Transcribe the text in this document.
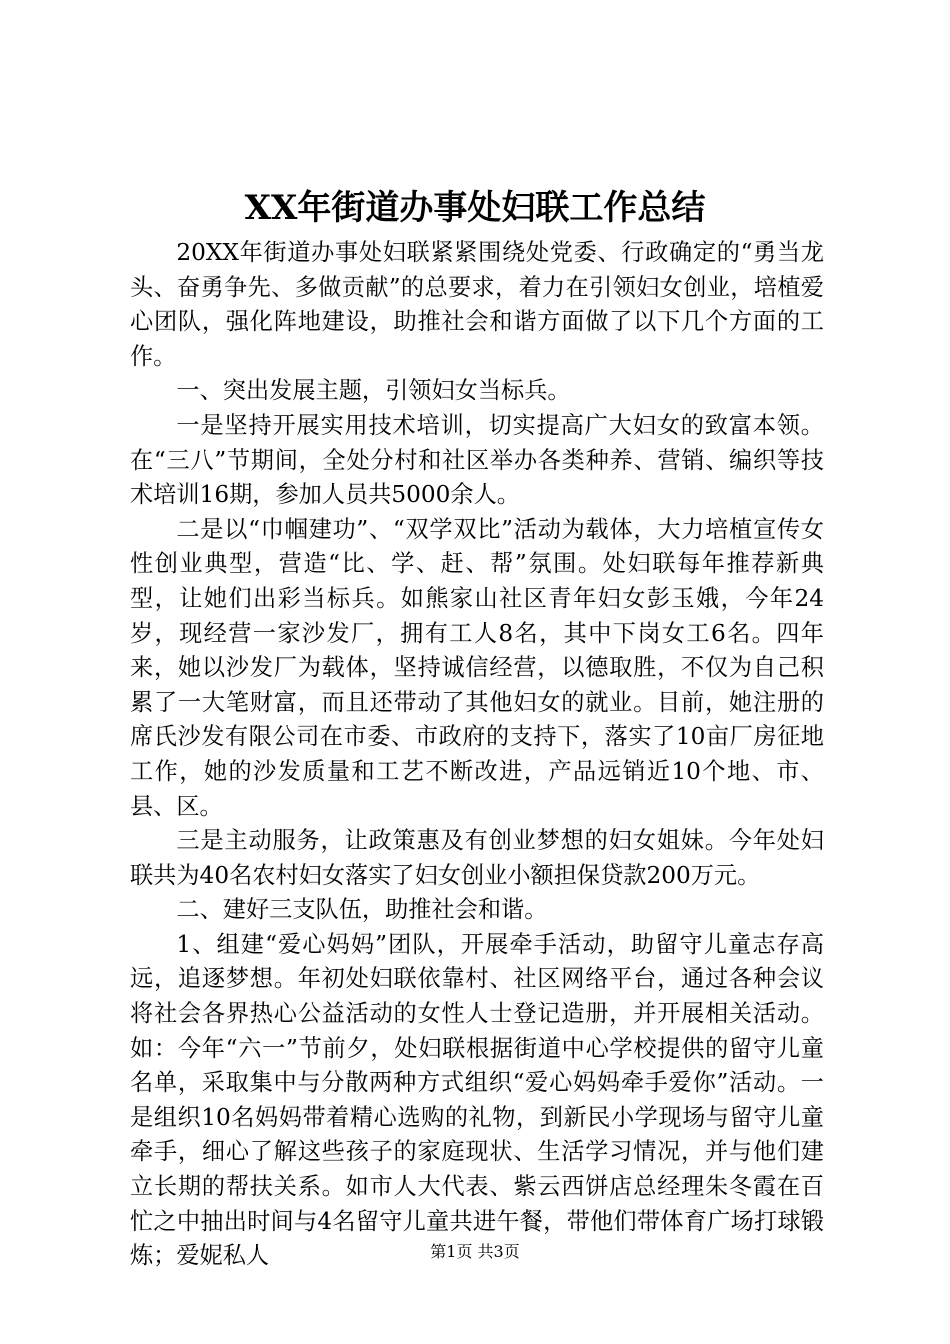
XX年街道办事处妇联工作总结

20XX年街道办事处妇联紧紧围绕处党委、行政确定的“勇当龙头、奋勇争先、多做贡献”的总要求，着力在引领妇女创业，培植爱心团队，强化阵地建设，助推社会和谐方面做了以下几个方面的工作。

一、突出发展主题，引领妇女当标兵。

一是坚持开展实用技术培训，切实提高广大妇女的致富本领。在“三八”节期间，全处分村和社区举办各类种养、营销、编织等技术培训16期，参加人员共5000余人。

二是以“巾帼建功”、“双学双比”活动为载体，大力培植宣传女性创业典型，营造“比、学、赶、帮”氛围。处妇联每年推荐新典型，让她们出彩当标兵。如熊家山社区青年妇女彭玉娥，今年24岁，现经营一家沙发厂，拥有工人8名，其中下岗女工6名。四年来，她以沙发厂为载体，坚持诚信经营，以德取胜，不仅为自己积累了一大笔财富，而且还带动了其他妇女的就业。目前，她注册的席氏沙发有限公司在市委、市政府的支持下，落实了10亩厂房征地工作，她的沙发质量和工艺不断改进，产品远销近10个地、市、县、区。

三是主动服务，让政策惠及有创业梦想的妇女姐妹。今年处妇联共为40名农村妇女落实了妇女创业小额担保贷款200万元。

二、建好三支队伍，助推社会和谐。

1、组建“爱心妈妈”团队，开展牵手活动，助留守儿童志存高远，追逐梦想。年初处妇联依靠村、社区网络平台，通过各种会议将社会各界热心公益活动的女性人士登记造册，并开展相关活动。如：今年“六一”节前夕，处妇联根据街道中心学校提供的留守儿童名单，采取集中与分散两种方式组织“爱心妈妈牵手爱你”活动。一是组织10名妈妈带着精心选购的礼物，到新民小学现场与留守儿童牵手，细心了解这些孩子的家庭现状、生活学习情况，并与他们建立长期的帮扶关系。如市人大代表、紫云西饼店总经理朱冬霞在百忙之中抽出时间与4名留守儿童共进午餐，带他们带体育广场打球锻炼；爱妮私人	第1页 共3页
